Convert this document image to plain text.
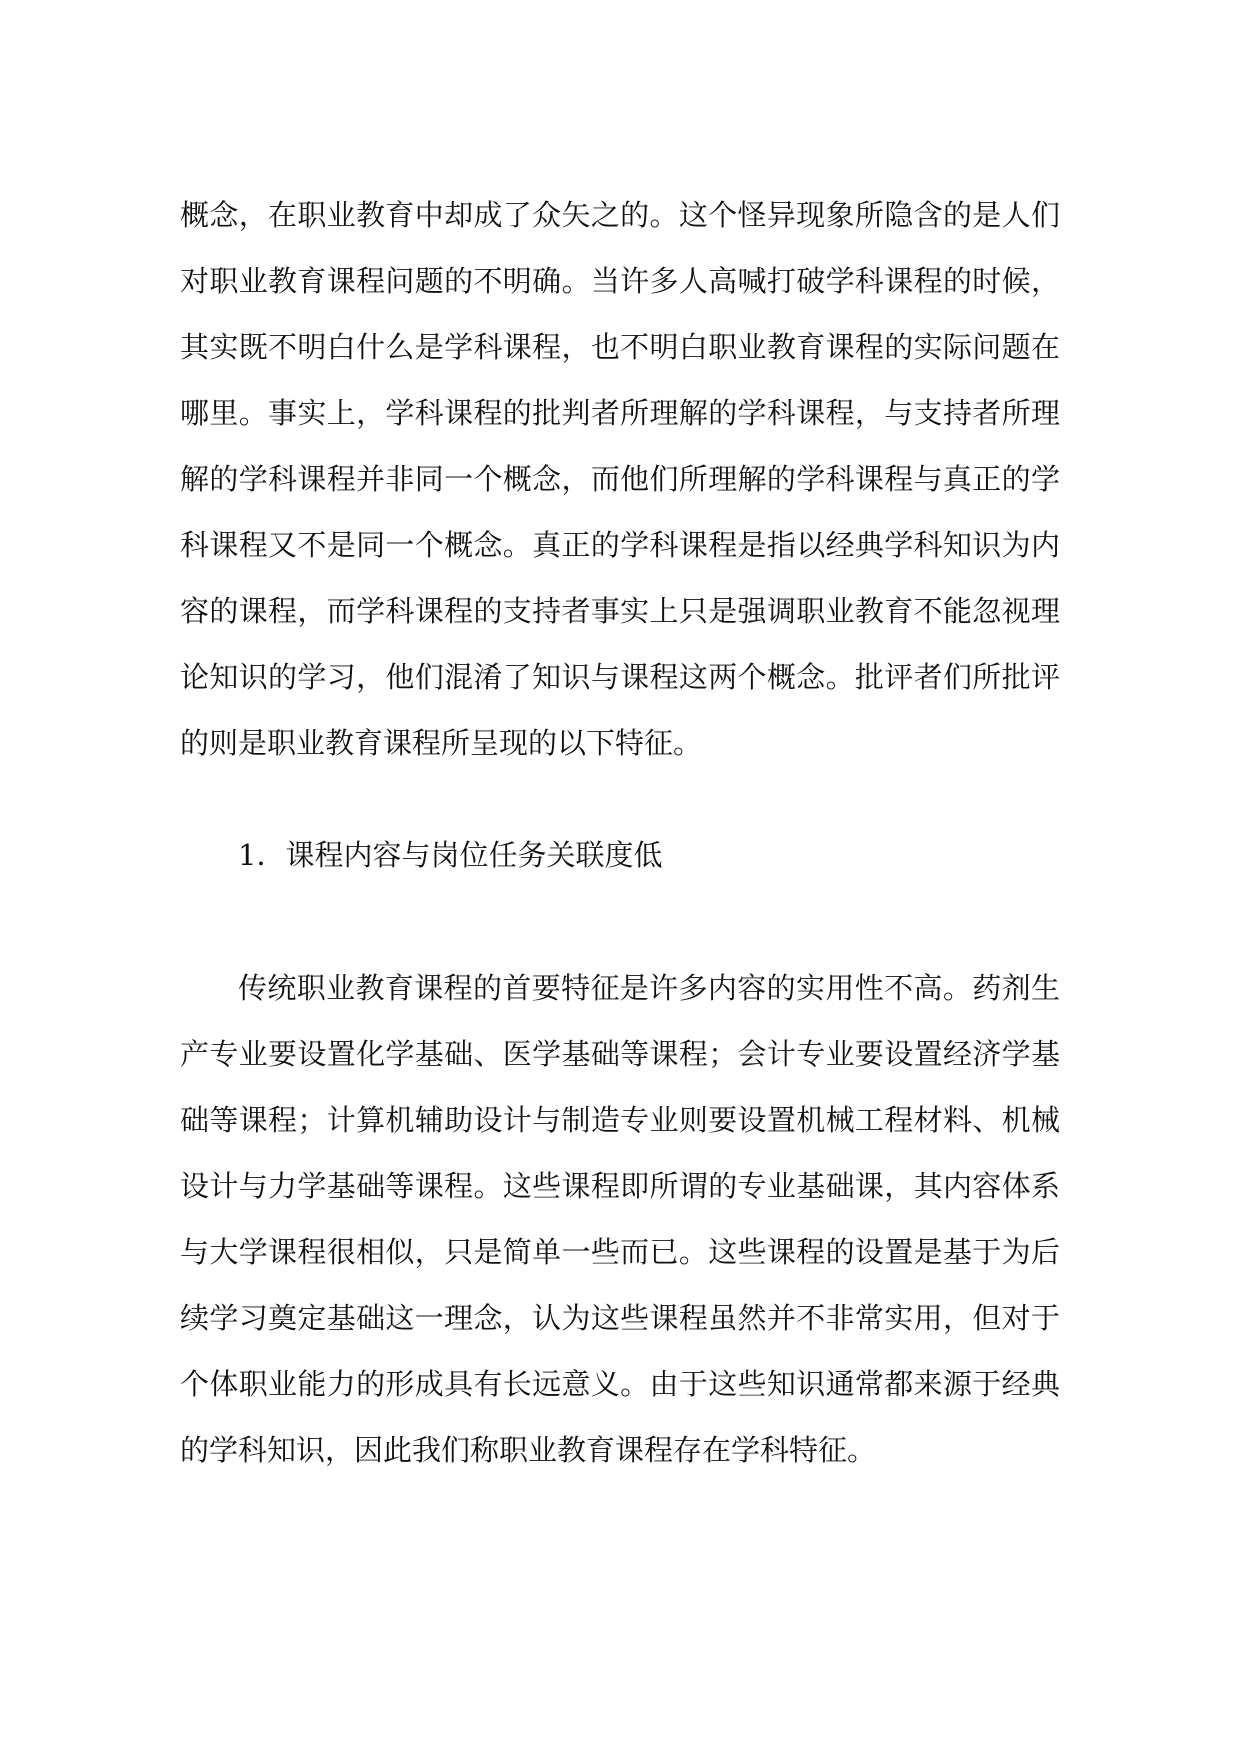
概念，在职业教育中却成了众矢之的。这个怪异现象所隐含的是人们对职业教育课程问题的不明确。当许多人高喊打破学科课程的时候，其实既不明白什么是学科课程，也不明白职业教育课程的实际问题在哪里。事实上，学科课程的批判者所理解的学科课程，与支持者所理解的学科课程并非同一个概念，而他们所理解的学科课程与真正的学科课程又不是同一个概念。真正的学科课程是指以经典学科知识为内容的课程，而学科课程的支持者事实上只是强调职业教育不能忽视理论知识的学习，他们混淆了知识与课程这两个概念。批评者们所批评的则是职业教育课程所呈现的以下特征。

1．课程内容与岗位任务关联度低

传统职业教育课程的首要特征是许多内容的实用性不高。药剂生产专业要设置化学基础、医学基础等课程；会计专业要设置经济学基础等课程；计算机辅助设计与制造专业则要设置机械工程材料、机械设计与力学基础等课程。这些课程即所谓的专业基础课，其内容体系与大学课程很相似，只是简单一些而已。这些课程的设置是基于为后续学习奠定基础这一理念，认为这些课程虽然并不非常实用，但对于个体职业能力的形成具有长远意义。由于这些知识通常都来源于经典的学科知识，因此我们称职业教育课程存在学科特征。
